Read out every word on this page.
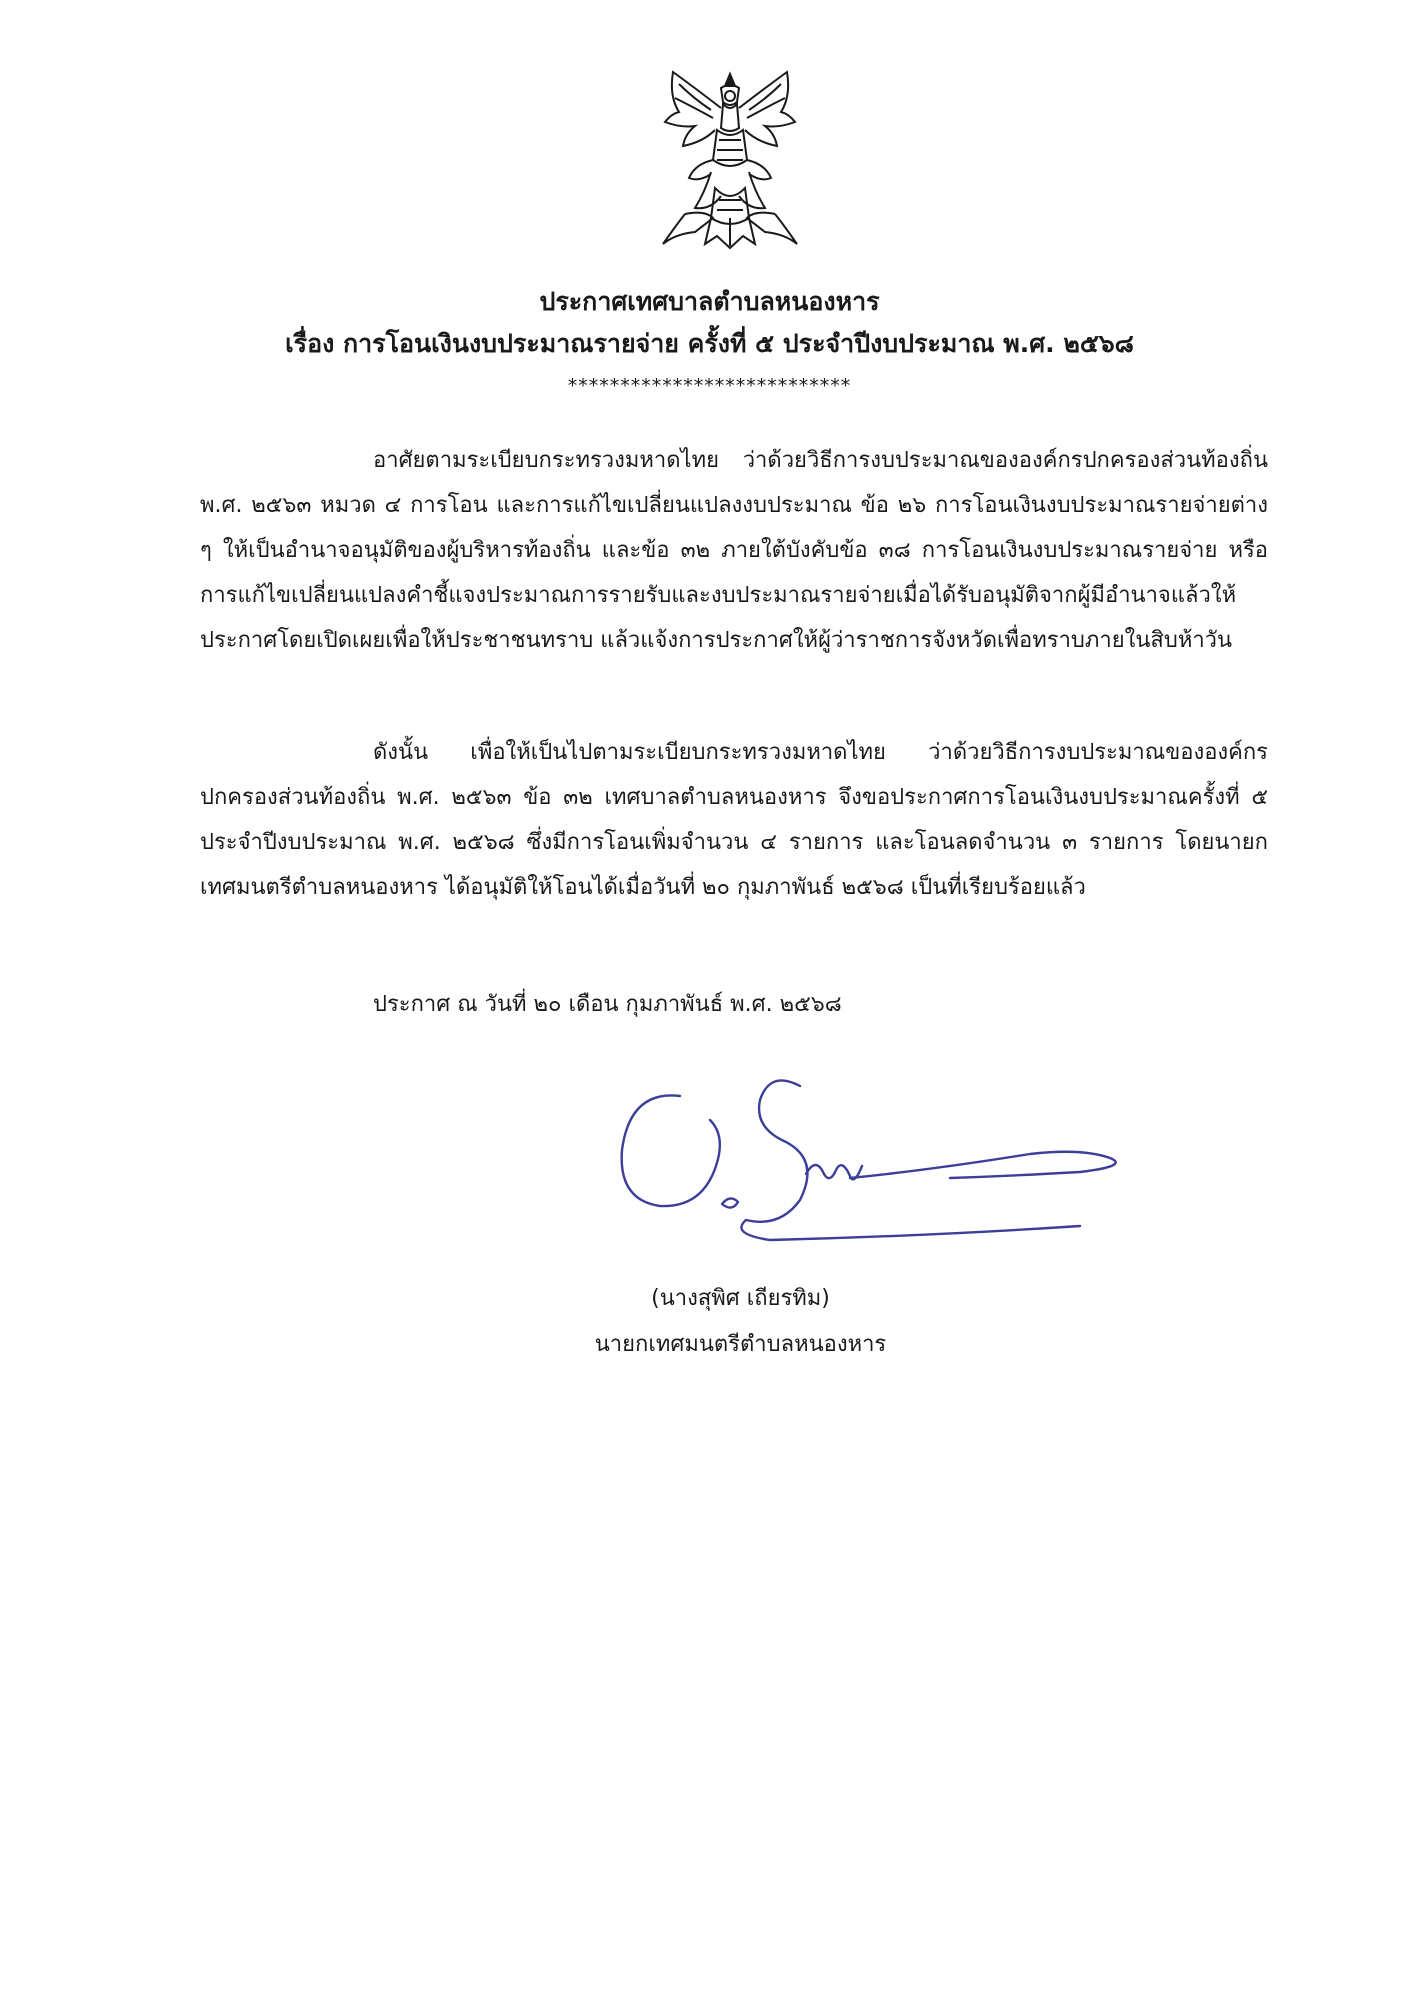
ประกาศเทศบาลตำบลหนองหาร
เรื่อง การโอนเงินงบประมาณรายจ่าย ครั้งที่ ๕ ประจำปีงบประมาณ พ.ศ. ๒๕๖๘
***************************
อาศัยตามระเบียบกระทรวงมหาดไทย ว่าด้วยวิธีการงบประมาณขององค์กรปกครองส่วนท้องถิ่น พ.ศ. ๒๕๖๓ หมวด ๔ การโอน และการแก้ไขเปลี่ยนแปลงงบประมาณ ข้อ ๒๖ การโอนเงินงบประมาณรายจ่ายต่าง ๆ ให้เป็นอำนาจอนุมัติของผู้บริหารท้องถิ่น และข้อ ๓๒ ภายใต้บังคับข้อ ๓๘ การโอนเงินงบประมาณรายจ่าย หรือการแก้ไขเปลี่ยนแปลงคำชี้แจงประมาณการรายรับและงบประมาณรายจ่ายเมื่อได้รับอนุมัติจากผู้มีอำนาจแล้วให้ประกาศโดยเปิดเผยเพื่อให้ประชาชนทราบ แล้วแจ้งการประกาศให้ผู้ว่าราชการจังหวัดเพื่อทราบภายในสิบห้าวัน
ดังนั้น เพื่อให้เป็นไปตามระเบียบกระทรวงมหาดไทย ว่าด้วยวิธีการงบประมาณขององค์กรปกครองส่วนท้องถิ่น พ.ศ. ๒๕๖๓ ข้อ ๓๒ เทศบาลตำบลหนองหาร จึงขอประกาศการโอนเงินงบประมาณครั้งที่ ๕ ประจำปีงบประมาณ พ.ศ. ๒๕๖๘ ซึ่งมีการโอนเพิ่มจำนวน ๔ รายการ และโอนลดจำนวน ๓ รายการ โดยนายกเทศมนตรีตำบลหนองหาร ได้อนุมัติให้โอนได้เมื่อวันที่ ๒๐ กุมภาพันธ์ ๒๕๖๘ เป็นที่เรียบร้อยแล้ว
ประกาศ ณ วันที่ ๒๐ เดือน กุมภาพันธ์ พ.ศ. ๒๕๖๘
(นางสุพิศ เถียรทิม)
นายกเทศมนตรีตำบลหนองหาร
